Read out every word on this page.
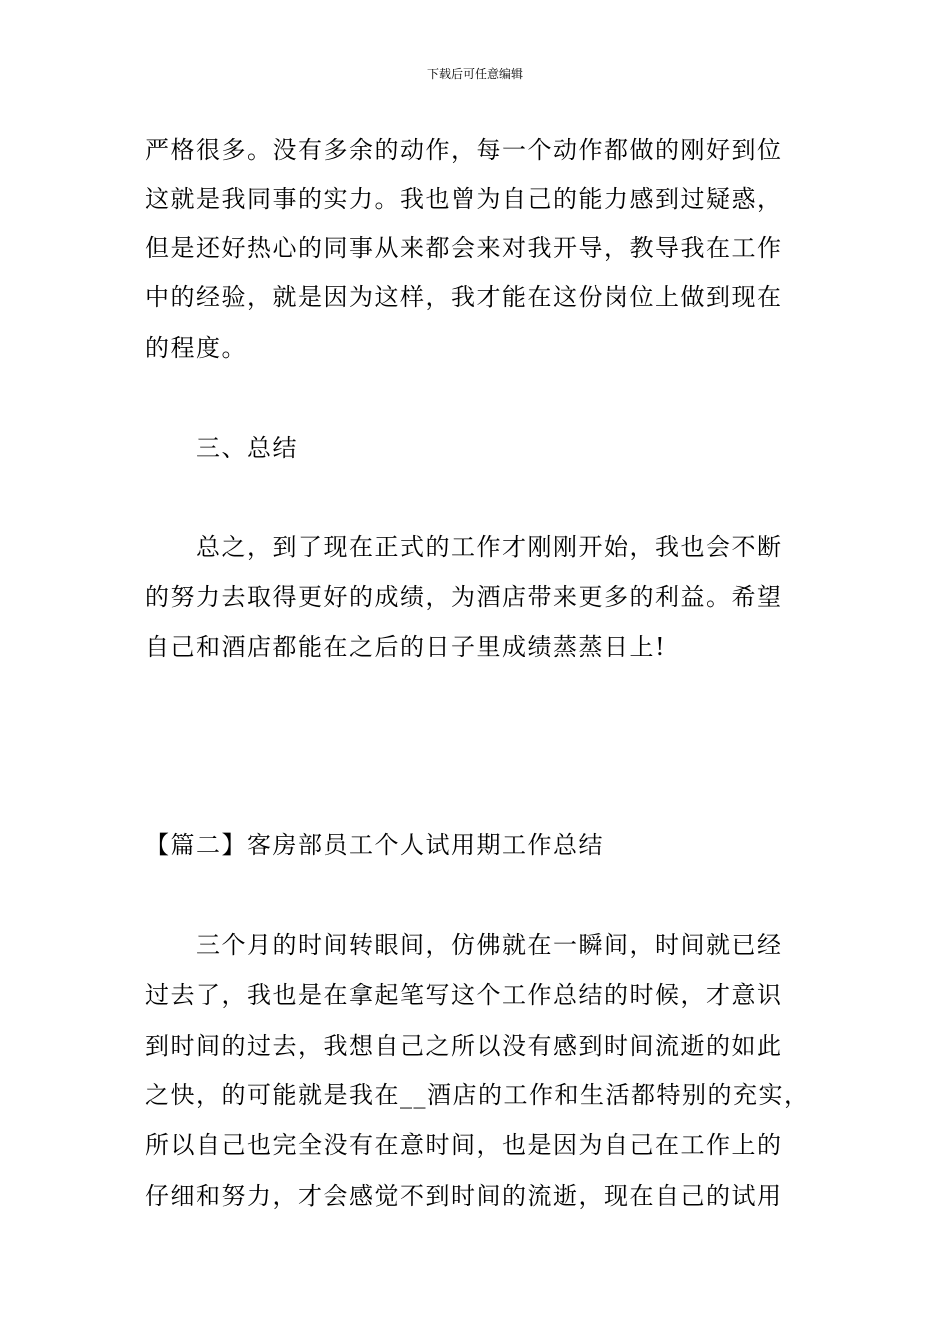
下载后可任意编辑
严格很多。没有多余的动作，每一个动作都做的刚好到位
这就是我同事的实力。我也曾为自己的能力感到过疑惑，
但是还好热心的同事从来都会来对我开导，教导我在工作
中的经验，就是因为这样，我才能在这份岗位上做到现在
的程度。
三、总结
总之，到了现在正式的工作才刚刚开始，我也会不断
的努力去取得更好的成绩，为酒店带来更多的利益。希望
自己和酒店都能在之后的日子里成绩蒸蒸日上!
【篇二】客房部员工个人试用期工作总结
三个月的时间转眼间，仿佛就在一瞬间，时间就已经
过去了，我也是在拿起笔写这个工作总结的时候，才意识
到时间的过去，我想自己之所以没有感到时间流逝的如此
之快，的可能就是我在__酒店的工作和生活都特别的充实，
所以自己也完全没有在意时间，也是因为自己在工作上的
仔细和努力，才会感觉不到时间的流逝，现在自己的试用
